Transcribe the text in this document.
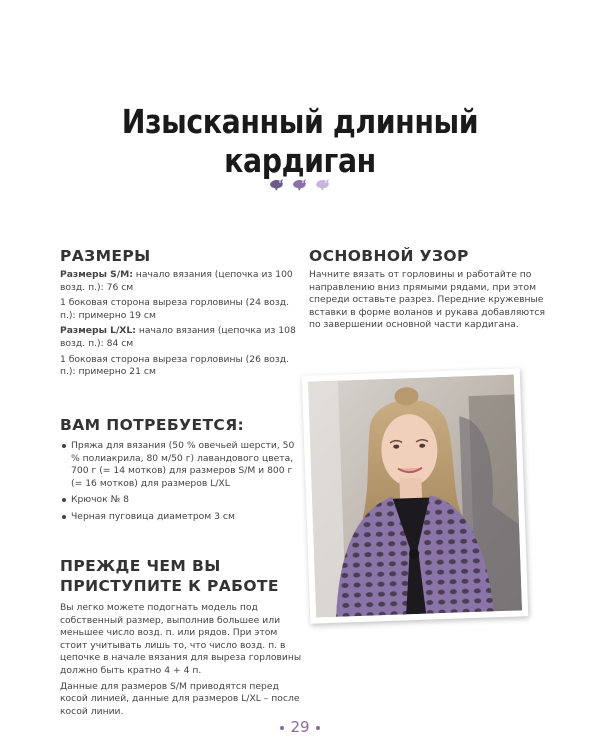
Изысканный длинный кардиган
РАЗМЕРЫ

Размеры S/M: начало вязания (цепочка из 100 возд. п.): 76 см

1 боковая сторона выреза горловины (24 возд. п.): примерно 19 см

Размеры L/XL: начало вязания (цепочка из 108 возд. п.): 84 см

1 боковая сторона выреза горловины (26 возд. п.): примерно 21 см

ОСНОВНОЙ УЗОР
Начните вязать от горловины и работайте по направлению вниз прямыми рядами, при этом спереди оставьте разрез. Передние кружевные вставки в форме воланов и рукава добавляются по завершении основной части кардигана.
ВАМ ПОТРЕБУЕТСЯ:
Пряжа для вязания (50 % овечьей шерсти, 50 % полиакрила, 80 м/50 г) лавандового цвета, 700 г (= 14 мотков) для размеров S/M и 800 г (= 16 мотков) для размеров L/XL
Крючок № 8
Черная пуговица диаметром 3 см
ПРЕЖДЕ ЧЕМ ВЫ ПРИСТУПИТЕ К РАБОТЕ

Вы легко можете подогнать модель под собственный размер, выполнив большее или меньшее число возд. п. или рядов. При этом стоит учитывать лишь то, что число возд. п. в цепочке в начале вязания для выреза горловины должно быть кратно 4 + 4 п.

Данные для размеров S/M приводятся перед косой линией, данные для размеров L/XL – после косой линии.

29
